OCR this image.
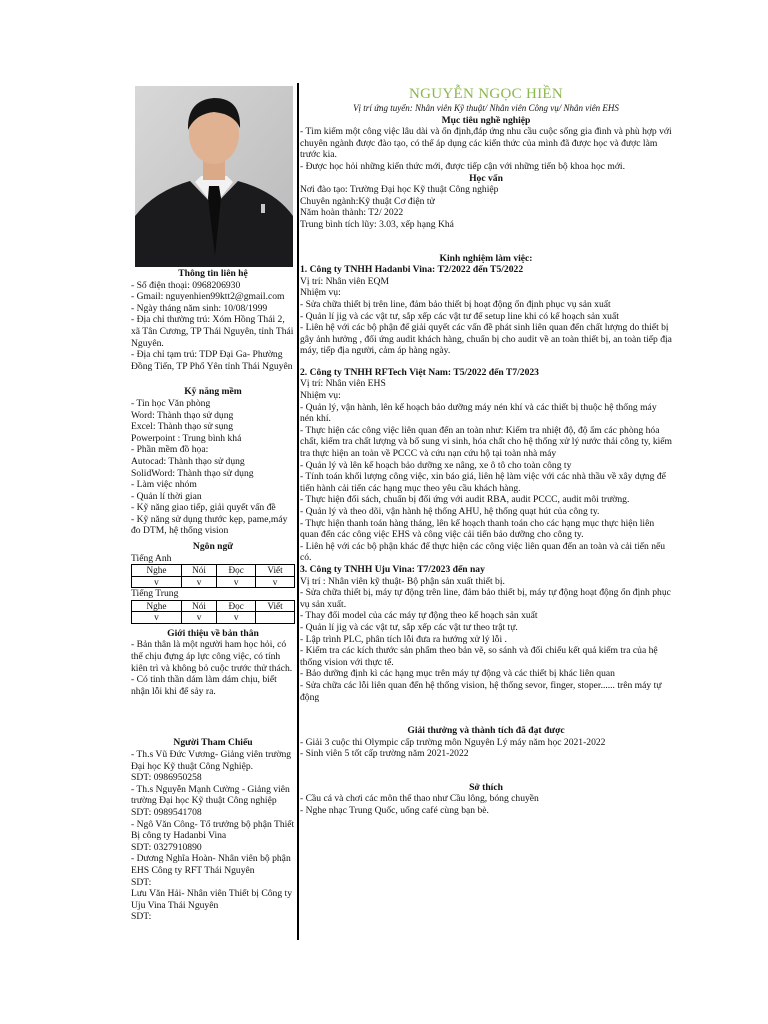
Thông tin liên hệ

- Số điện thoại: 0968206930

- Gmail: nguyenhien99ktt2@gmail.com

- Ngày tháng năm sinh: 10/08/1999

- Địa chỉ thường trú: Xóm Hồng Thái 2, xã Tân Cương, TP Thái Nguyên, tỉnh Thái Nguyên.

- Địa chỉ tạm trú: TDP Đại Ga- Phường Đồng Tiến, TP Phổ Yên tỉnh Thái Nguyên

Kỹ năng mềm

- Tin học Văn phòng

Word: Thành thạo sử dụng

Excel: Thành thạo sử sụng

Powerpoint : Trung bình khá

- Phần mềm đồ họa:

Autocad: Thành thạo sử dụng

SolidWord: Thành thạo sử dụng

- Làm việc nhóm

- Quản lí thời gian

- Kỹ năng giao tiếp, giải quyết vấn đề

- Kỹ năng sử dụng thước kẹp, pame,máy đo DTM, hệ thống vision

Ngôn ngữ

Tiếng Anh

Nghe	Nói	Đọc	Viết
v	v	v	v

Tiếng Trung

Nghe	Nói	Đọc	Viết
v	v	v	

Giới thiệu về bản thân

- Bản thân là một người ham học hỏi, có thể chịu đựng áp lực công việc, có tính kiên trì và không bỏ cuộc trước thử thách.

- Có tinh thần dám làm dám chịu, biết nhận lỗi khi để sảy ra.

Người Tham Chiếu

- Th.s Vũ Đức Vương- Giảng viên trường Đại học Kỹ thuật Công Nghiệp.

SDT: 0986950258

- Th.s Nguyễn Mạnh Cường - Giảng viên trường Đại học Kỹ thuật Công nghiệp

SDT: 0989541708

- Ngô Văn Công- Tổ trưởng bộ phận Thiết Bị công ty Hadanbi Vina

SDT: 0327910890

- Dương Nghĩa Hoàn- Nhân viên bộ phận EHS Công ty RFT Thái Nguyên

SDT:

Lưu Văn Hải- Nhân viên Thiết bị Công ty Uju Vina Thái Nguyên

SDT:

NGUYỄN NGỌC HIỀN

Vị trí ứng tuyển: Nhân viên Kỹ thuật/ Nhân viên Công vụ/ Nhân viên EHS

Mục tiêu nghề nghiệp

- Tìm kiếm một công việc lâu dài và ổn định,đáp ứng nhu cầu cuộc sống gia đình và phù hợp với chuyên ngành được đào tạo, có thể áp dụng các kiến thức của mình đã được học và được làm trước kia.

- Được học hỏi những kiến thức mới, được tiếp cận với những tiến bộ khoa học mới.

Học vấn

Nơi đào tạo: Trường Đại học Kỹ thuật Công nghiệp

Chuyên ngành:Kỹ thuật Cơ điện tử

Năm hoàn thành: T2/ 2022

Trung bình tích lũy: 3.03, xếp hạng Khá

Kinh nghiệm làm việc:

1. Công ty TNHH Hadanbi Vina: T2/2022 đến T5/2022

Vị trí: Nhân viên EQM

Nhiệm vụ:

- Sửa chữa thiết bị trên line, đảm bảo thiết bị hoạt động ổn định phục vụ sản xuất

- Quản lí jig và các vật tư, sắp xếp các vật tư để setup line khi có kế hoạch sản xuất

- Liên hệ với các bộ phận để giải quyết các vấn đề phát sinh liên quan đến chất lượng do thiết bị gây ảnh hưởng , đối ứng audit khách hàng, chuẩn bị cho audit về an toàn thiết bị, an toàn tiếp địa máy, tiếp địa người, cảm áp hàng ngày.

2. Công ty TNHH RFTech Việt Nam: T5/2022 đến T7/2023

Vị trí: Nhân viên EHS

Nhiệm vụ:

- Quản lý, vận hành, lên kế hoạch bảo dưỡng máy nén khí và các thiết bị thuộc hệ thống máy nén khí.

- Thực hiện các công việc liên quan đến an toàn như: Kiểm tra nhiệt độ, độ ẩm các phòng hóa chất, kiểm tra chất lượng và bổ sung vi sinh, hóa chất cho hệ thống xử lý nước thải công ty, kiểm tra thực hiện an toàn về PCCC và cứu nạn cứu hộ tại toàn nhà máy

- Quản lý và lên kế hoạch bảo dưỡng xe nâng, xe ô tô cho toàn công ty

- Tính toán khối lượng công việc, xin báo giá, liên hệ làm việc với các nhà thầu về xây dựng để tiến hành cải tiến các hạng mục theo yêu cầu khách hàng.

- Thực hiện đối sách, chuẩn bị đối ứng với audit RBA, audit PCCC, audit môi trường.

- Quản lý và theo dõi, vận hành hệ thống AHU, hệ thống quạt hút của công ty.

- Thực hiện thanh toán hàng tháng, lên kế hoạch thanh toán cho các hạng mục thực hiện liên quan đến các công việc EHS và công việc cải tiến bảo dưỡng cho công ty.

- Liên hệ với các bộ phận khác để thực hiện các công việc liên quan đến an toàn và cải tiến nếu có.

3. Công ty TNHH Uju Vina: T7/2023 đến nay

Vị trí : Nhân viên kỹ thuật- Bộ phận sản xuất thiết bị.

- Sửa chữa thiết bị, máy tự động trên line, đảm bảo thiết bị, máy tự động hoạt động ổn định phục vụ sản xuất.

- Thay đổi model của các máy tự động theo kế hoạch sản xuất

- Quản lí jig và các vật tư, sắp xếp các vật tư theo trật tự.

- Lập trình PLC, phân tích lỗi đưa ra hướng xử lý lỗi .

- Kiểm tra các kích thước sản phẩm theo bản vẽ, so sánh và đối chiếu kết quả kiểm tra của hệ thống vision với thực tế.

- Bảo dưỡng định kì các hạng mục trên máy tự động và các thiết bị khác liên quan

- Sửa chữa các lỗi liên quan đến hệ thống vision, hệ thống sevor, finger, stoper...... trên máy tự động

Giải thưởng và thành tích đã đạt được

- Giải 3 cuộc thi Olympic cấp trường môn Nguyên Lý máy năm học 2021-2022

- Sinh viên 5 tốt cấp trường năm 2021-2022

Sở thích

- Cầu cá và chơi các môn thể thao như Cầu lông, bóng chuyền

- Nghe nhạc Trung Quốc, uống café cùng bạn bè.
